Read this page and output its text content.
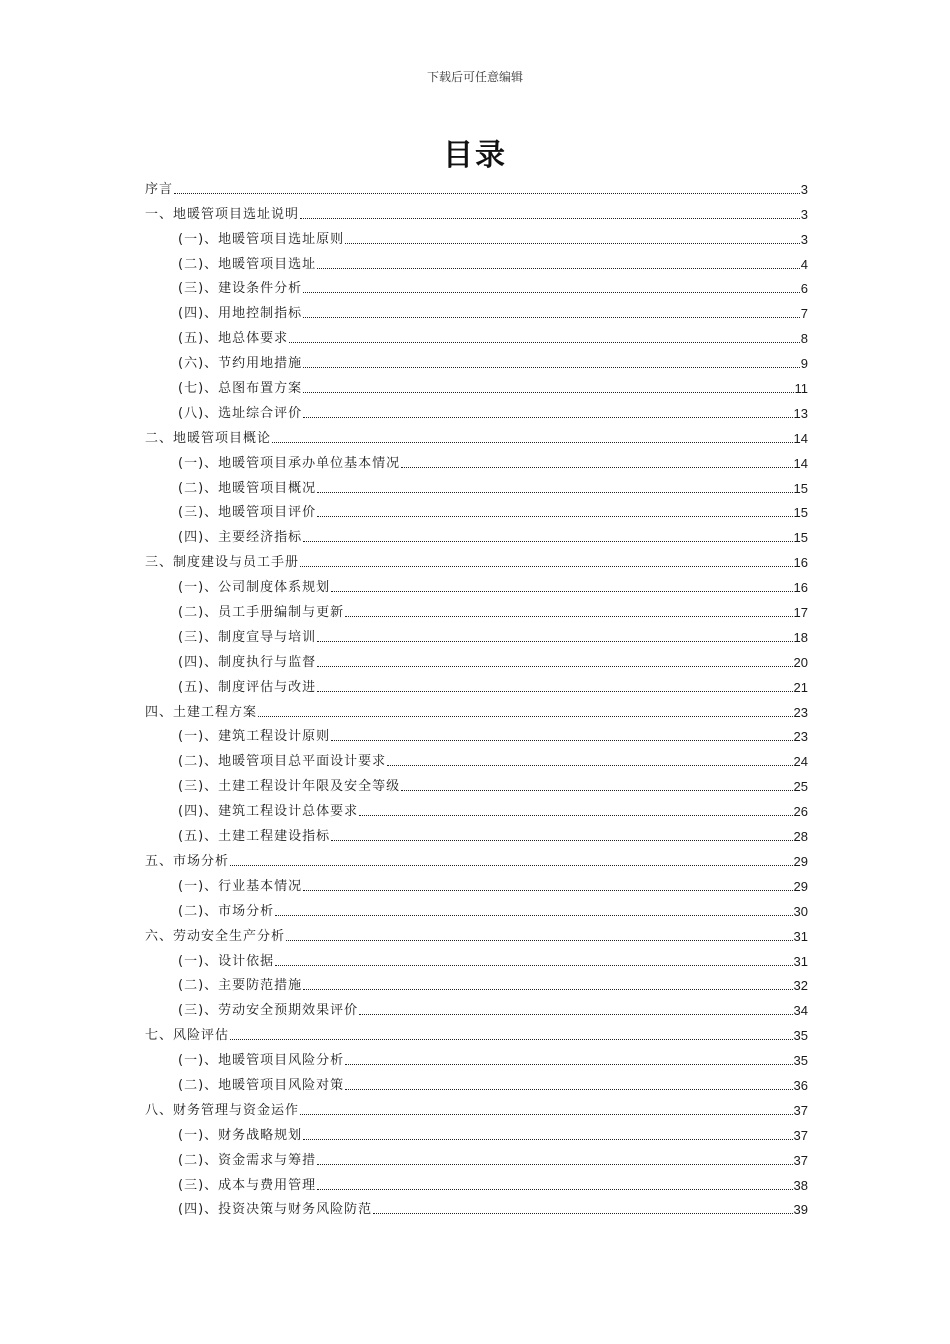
下载后可任意编辑
目录
序言	3
一、地暖管项目选址说明	3
(一)、地暖管项目选址原则	3
(二)、地暖管项目选址	4
(三)、建设条件分析	6
(四)、用地控制指标	7
(五)、地总体要求	8
(六)、节约用地措施	9
(七)、总图布置方案	11
(八)、选址综合评价	13
二、地暖管项目概论	14
(一)、地暖管项目承办单位基本情况	14
(二)、地暖管项目概况	15
(三)、地暖管项目评价	15
(四)、主要经济指标	15
三、制度建设与员工手册	16
(一)、公司制度体系规划	16
(二)、员工手册编制与更新	17
(三)、制度宣导与培训	18
(四)、制度执行与监督	20
(五)、制度评估与改进	21
四、土建工程方案	23
(一)、建筑工程设计原则	23
(二)、地暖管项目总平面设计要求	24
(三)、土建工程设计年限及安全等级	25
(四)、建筑工程设计总体要求	26
(五)、土建工程建设指标	28
五、市场分析	29
(一)、行业基本情况	29
(二)、市场分析	30
六、劳动安全生产分析	31
(一)、设计依据	31
(二)、主要防范措施	32
(三)、劳动安全预期效果评价	34
七、风险评估	35
(一)、地暖管项目风险分析	35
(二)、地暖管项目风险对策	36
八、财务管理与资金运作	37
(一)、财务战略规划	37
(二)、资金需求与筹措	37
(三)、成本与费用管理	38
(四)、投资决策与财务风险防范	39
